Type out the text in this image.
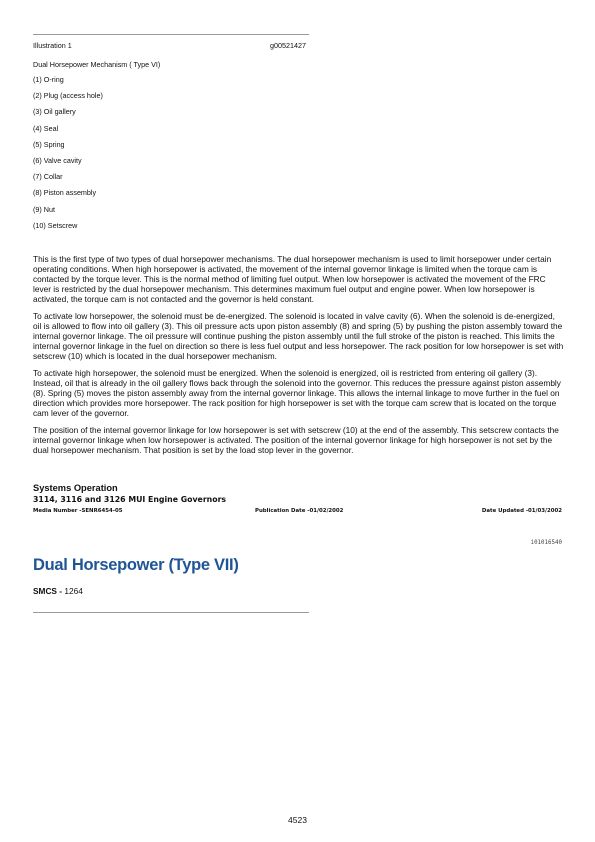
Illustration 1	g00521427
Dual Horsepower Mechanism ( Type VI)
(1) O-ring
(2) Plug (access hole)
(3) Oil gallery
(4) Seal
(5) Spring
(6) Valve cavity
(7) Collar
(8) Piston assembly
(9) Nut
(10) Setscrew

This is the first type of two types of dual horsepower mechanisms. The dual horsepower mechanism is used to limit horsepower under certain operating conditions. When high horsepower is activated, the movement of the internal governor linkage is limited when the torque cam is contacted by the torque lever. This is the normal method of limiting fuel output. When low horsepower is activated the movement of the FRC lever is restricted by the dual horsepower mechanism. This determines maximum fuel output and engine power. When low horsepower is activated, the torque cam is not contacted and the governor is held constant.

To activate low horsepower, the solenoid must be de-energized. The solenoid is located in valve cavity (6). When the solenoid is de-energized, oil is allowed to flow into oil gallery (3). This oil pressure acts upon piston assembly (8) and spring (5) by pushing the piston assembly toward the internal governor linkage. The oil pressure will continue pushing the piston assembly until the full stroke of the piston is reached. This limits the internal governor linkage in the fuel on direction so there is less fuel output and less horsepower. The rack position for low horsepower is set with setscrew (10) which is located in the dual horsepower mechanism.

To activate high horsepower, the solenoid must be energized. When the solenoid is energized, oil is restricted from entering oil gallery (3). Instead, oil that is already in the oil gallery flows back through the solenoid into the governor. This reduces the pressure against piston assembly (8). Spring (5) moves the piston assembly away from the internal governor linkage. This allows the internal linkage to move further in the fuel on direction which provides more horsepower. The rack position for high horsepower is set with the torque cam screw that is located on the torque cam lever of the governor.

The position of the internal governor linkage for low horsepower is set with setscrew (10) at the end of the assembly. This setscrew contacts the internal governor linkage when low horsepower is activated. The position of the internal governor linkage for high horsepower is not set by the dual horsepower mechanism. That position is set by the load stop lever in the governor.

Systems Operation
3114, 3116 and 3126 MUI Engine Governors
Media Number -SENR6454-05	Publication Date -01/02/2002	Date Updated -01/03/2002
i01016540
Dual Horsepower (Type VII)
SMCS - 1264
4523
